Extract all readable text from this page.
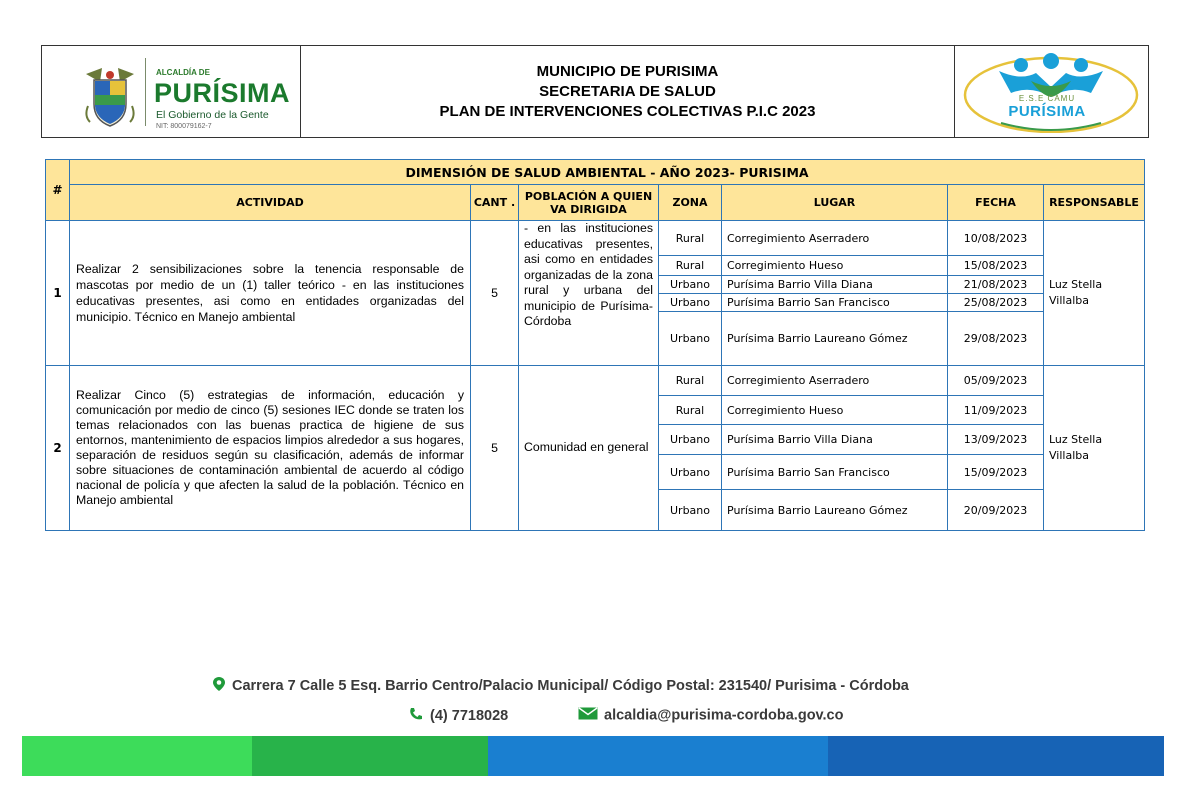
ALCALDÍA DE
PURÍSIMA
El Gobierno de la Gente
NIT: 800079162-7
MUNICIPIO DE PURISIMA
SECRETARIA DE SALUD
PLAN DE INTERVENCIONES COLECTIVAS P.I.C 2023
E.S.E CAMU
PURÍSIMA
#	DIMENSIÓN DE SALUD AMBIENTAL - AÑO 2023- PURISIMA						
	ACTIVIDAD	CANT .	POBLACIÓN A QUIEN VA DIRIGIDA	ZONA	LUGAR	FECHA	RESPONSABLE
1	Realizar 2 sensibilizaciones sobre la tenencia responsable de mascotas por medio de un (1) taller teórico - en las instituciones educativas presentes, asi como en entidades organizadas del municipio. Técnico en Manejo ambiental	5	- en las instituciones educativas presentes, asi como en entidades organizadas de la zona rural y urbana del municipio de Purísima-Córdoba	Rural	Corregimiento Aserradero	10/08/2023	Luz Stella Villalba
				Rural	Corregimiento Hueso	15/08/2023	
				Urbano	Purísima Barrio Villa Diana	21/08/2023	
				Urbano	Purísima Barrio San Francisco	25/08/2023	
				Urbano	Purísima Barrio Laureano Gómez	29/08/2023	
2	Realizar Cinco (5) estrategias de información, educación y comunicación por medio de cinco (5) sesiones IEC donde se traten los temas relacionados con las buenas practica de higiene de sus entornos, mantenimiento de espacios limpios alrededor a sus hogares, separación de residuos según su clasificación, además de informar sobre situaciones de contaminación ambiental de acuerdo al código nacional de policía y que afecten la salud de la población. Técnico en Manejo ambiental	5	Comunidad en general	Rural	Corregimiento Aserradero	05/09/2023	Luz Stella Villalba
				Rural	Corregimiento Hueso	11/09/2023	
				Urbano	Purísima Barrio Villa Diana	13/09/2023	
				Urbano	Purísima Barrio San Francisco	15/09/2023	
				Urbano	Purísima Barrio Laureano Gómez	20/09/2023	
Carrera 7 Calle 5 Esq. Barrio Centro/Palacio Municipal/ Código Postal: 231540/ Purisima - Córdoba
(4) 7718028	alcaldia@purisima-cordoba.gov.co
